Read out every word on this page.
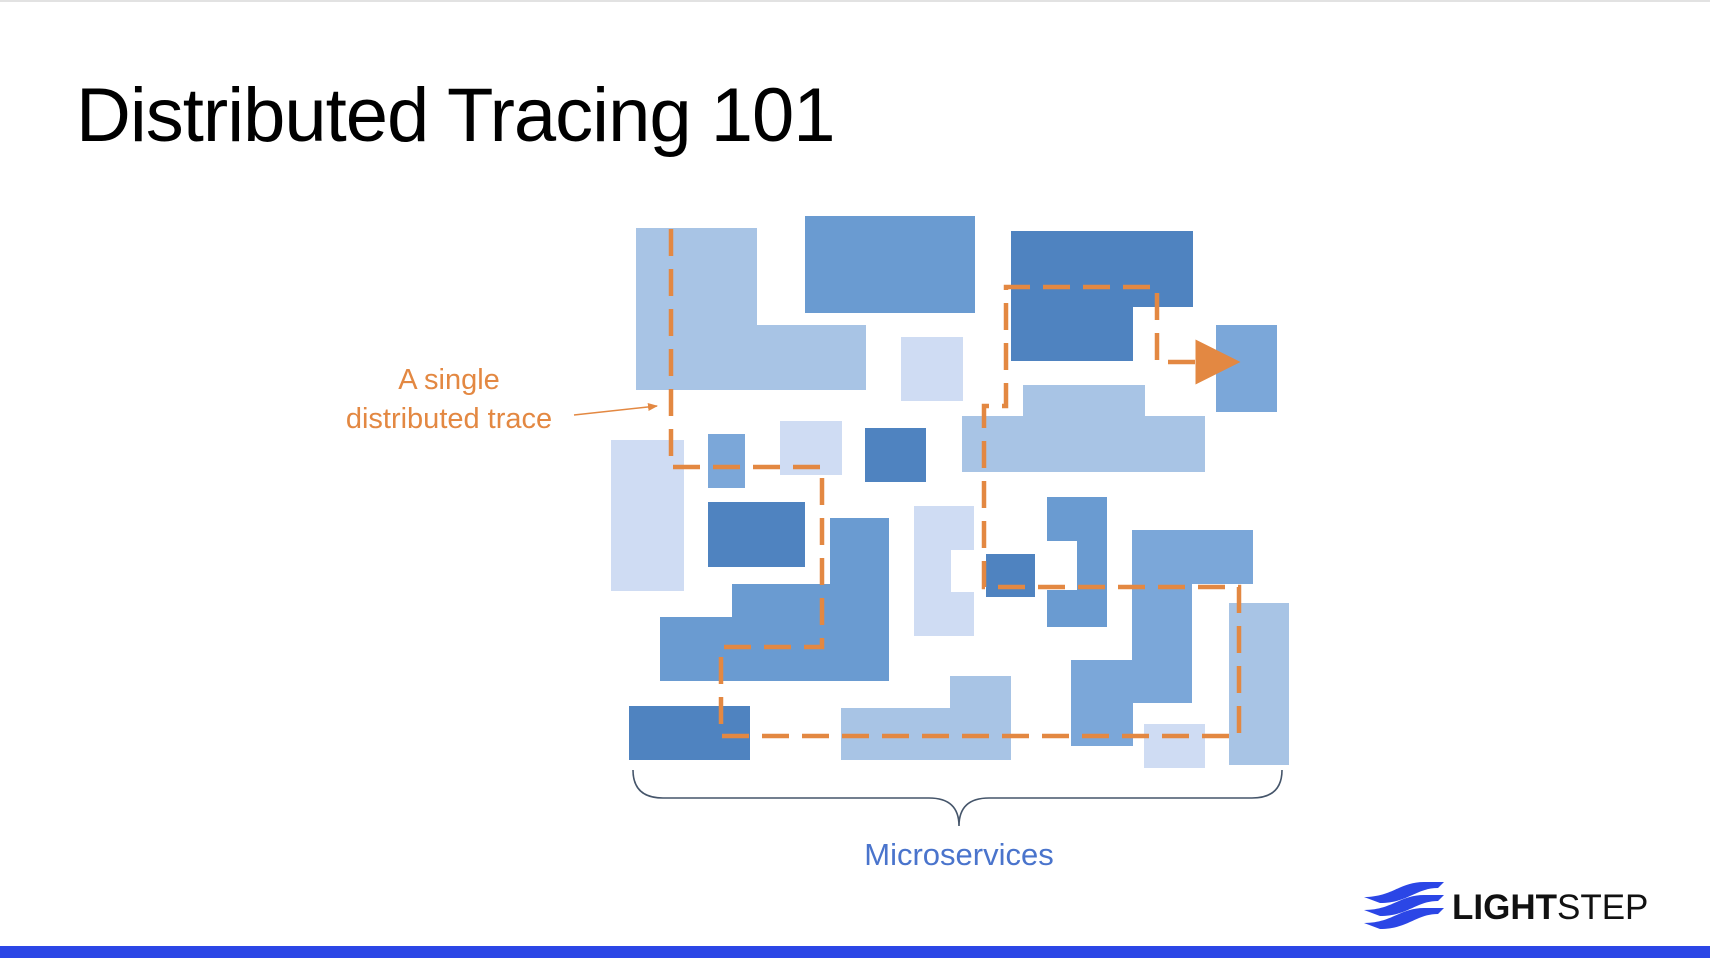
Distributed Tracing 101
A single
distributed trace
Microservices
LIGHTSTEP
